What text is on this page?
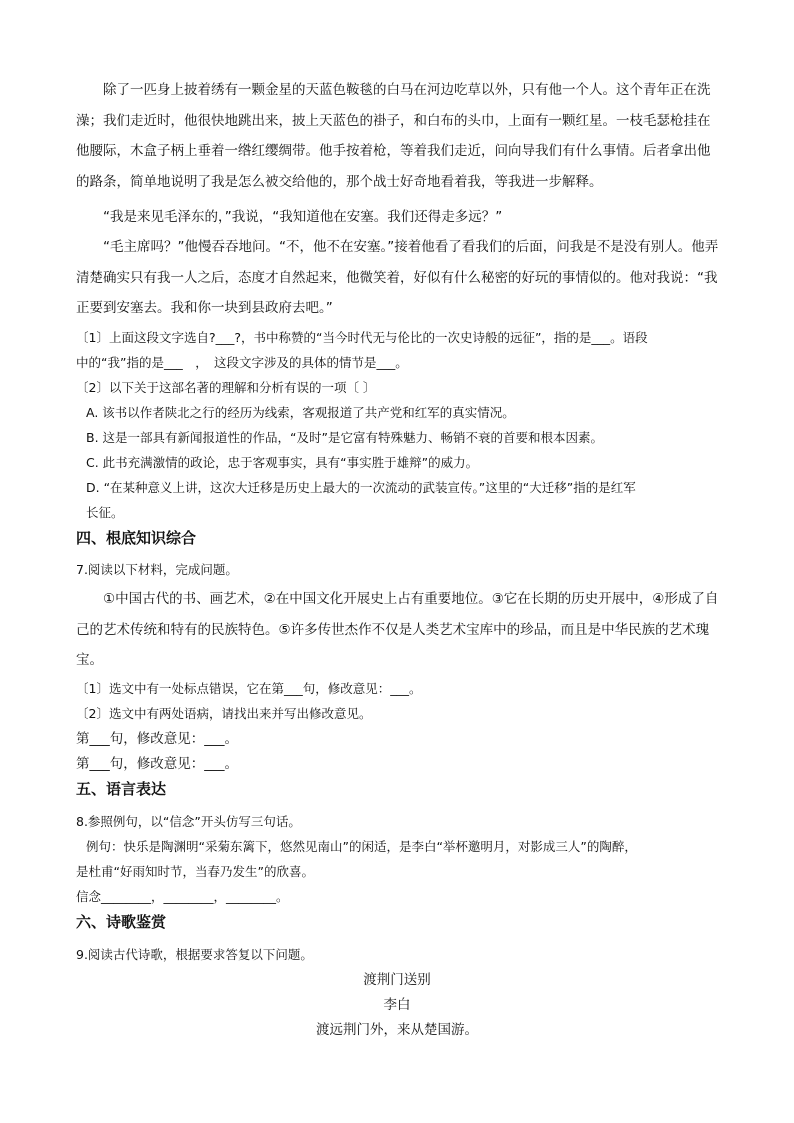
除了一匹身上披着绣有一颗金星的天蓝色鞍毯的白马在河边吃草以外，只有他一个人。这个青年正在洗澡；我们走近时，他很快地跳出来，披上天蓝色的褂子，和白布的头巾，上面有一颗红星。一枝毛瑟枪挂在他腰际，木盒子柄上垂着一绺红缨绸带。他手按着枪，等着我们走近，问向导我们有什么事情。后者拿出他的路条，简单地说明了我是怎么被交给他的，那个战士好奇地看着我，等我进一步解释。
“我是来见毛泽东的，”我说，“我知道他在安塞。我们还得走多远？”
“毛主席吗？”他慢吞吞地问。“不，他不在安塞。”接着他看了看我们的后面，问我是不是没有别人。他弄清楚确实只有我一人之后，态度才自然起来，他微笑着，好似有什么秘密的好玩的事情似的。他对我说：“我正要到安塞去。我和你一块到县政府去吧。”
〔1〕上面这段文字选自?___?，书中称赞的“当今时代无与伦比的一次史诗般的远征”，指的是___。语段
中的“我”指的是___　，　这段文字涉及的具体的情节是___。
〔2〕以下关于这部名著的理解和分析有误的一项〔 〕
A. 该书以作者陕北之行的经历为线索，客观报道了共产党和红军的真实情况。
B. 这是一部具有新闻报道性的作品，“及时”是它富有特殊魅力、畅销不衰的首要和根本因素。
C. 此书充满激情的政论，忠于客观事实，具有“事实胜于雄辩”的威力。
D. “在某种意义上讲，这次大迁移是历史上最大的一次流动的武装宣传。”这里的“大迁移”指的是红军
长征。
四、根底知识综合
7.阅读以下材料，完成问题。
①中国古代的书、画艺术，②在中国文化开展史上占有重要地位。③它在长期的历史开展中，④形成了自己的艺术传统和特有的民族特色。⑤许多传世杰作不仅是人类艺术宝库中的珍品，而且是中华民族的艺术瑰宝。
〔1〕选文中有一处标点错误，它在第___句，修改意见：___。
〔2〕选文中有两处语病，请找出来并写出修改意见。
第___句，修改意见：___。
第___句，修改意见：___。
五、语言表达
8.参照例句，以“信念”开头仿写三句话。
例句：快乐是陶渊明“采菊东篱下，悠然见南山”的闲适，是李白“举杯邀明月，对影成三人”的陶醉，
是杜甫“好雨知时节，当春乃发生”的欣喜。
信念________，________，________。
六、诗歌鉴赏
9.阅读古代诗歌，根据要求答复以下问题。
渡荆门送别
李白
渡远荆门外，来从楚国游。
